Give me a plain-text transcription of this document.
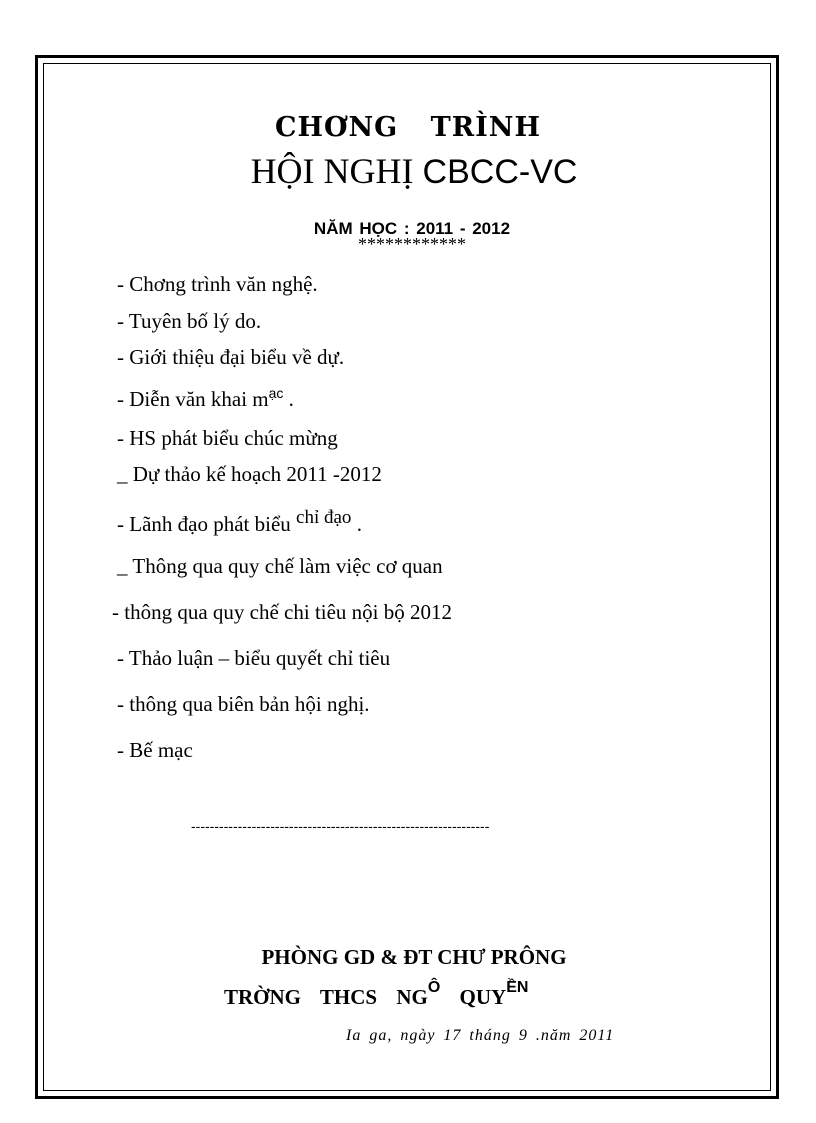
CHƠNG TRÌNH
HỘI NGHỊ CBCC-VC
NĂM HỌC : 2011 - 2012
************
- Chơng trình văn nghệ.
- Tuyên bố lý do.
- Giới thiệu đại biểu về dự.
- Diễn văn khai $m^{ạc}$ .
- HS phát biểu chúc mừng
_ Dự thảo kế hoạch 2011 -2012
- Lãnh đạo phát biểu chỉ đạo .
_ Thông qua quy chế làm việc cơ quan
- thông qua quy chế chi tiêu nội bộ 2012
- Thảo luận – biểu quyết chỉ tiêu
- thông qua biên bản hội nghị.
- Bế mạc
----------------------------------------------------------------
PHÒNG GD & ĐT CHƯ PRÔNG
TRỜNG THCS $NG^Ô$ $QUY^{ỀN}$
Ia ga, ngày 17 tháng 9 .năm 2011
